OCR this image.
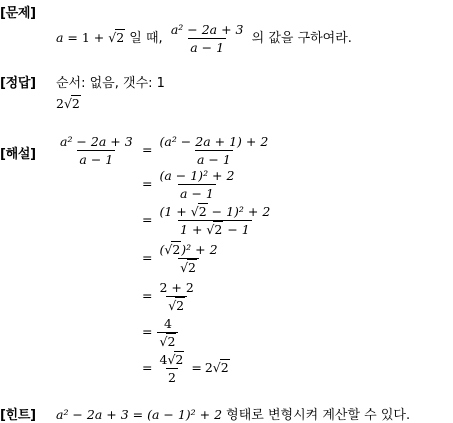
[문제]
a = 1 + √2 일 때, $\frac{\text{a² − 2a + 3}}{a - 1}$ 의 값을 구하여라.
[정답] 순서: 없음, 갯수: 1
2√2
[해설] $\frac{\text{a² − 2a + 3}}{a - 1} = \frac{\text{(a² − 2a + 1) + 2}}{a - 1}$
= $\frac{\text{(a − 1)² + 2}}{a - 1}$
= $\frac{\text{(1 + √2 − 1)² + 2}}{1 + √2 - 1}$
= $\frac{\text{(√2)² + 2}}{√2}$
= $\frac{2 + 2}{√2}$
= $\frac{4}{√2}$
= $\frac{4√2}{2} = 2√2$
[힌트] a² − 2a + 3 = (a − 1)² + 2 형태로 변형시켜 계산할 수 있다.
